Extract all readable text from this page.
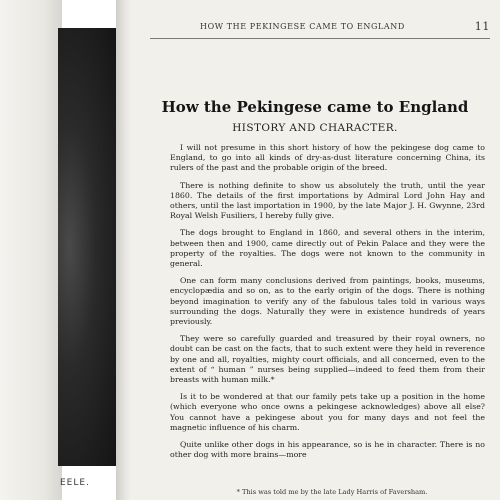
EELE.
HOW THE PEKINGESE CAME TO ENGLAND	11
How the Pekingese came to England
HISTORY AND CHARACTER.

I will not presume in this short history of how the pekingese dog came to England, to go into all kinds of dry-as-dust literature concerning China, its rulers of the past and the probable origin of the breed.

There is nothing definite to show us absolutely the truth, until the year 1860. The details of the first importations by Admiral Lord John Hay and others, until the last importation in 1900, by the late Major J. H. Gwynne, 23rd Royal Welsh Fusiliers, I hereby fully give.

The dogs brought to England in 1860, and several others in the interim, between then and 1900, came directly out of Pekin Palace and they were the property of the royalties. The dogs were not known to the community in general.

One can form many conclusions derived from paintings, books, museums, encyclopædia and so on, as to the early origin of the dogs. There is nothing beyond imagination to verify any of the fabulous tales told in various ways surrounding the dogs. Naturally they were in existence hundreds of years previously.

They were so carefully guarded and treasured by their royal owners, no doubt can be cast on the facts, that to such extent were they held in reverence by one and all, royalties, mighty court officials, and all concerned, even to the extent of “ human ” nurses being supplied—indeed to feed them from their breasts with human milk.*

Is it to be wondered at that our family pets take up a position in the home (which everyone who once owns a pekingese acknowledges) above all else? You cannot have a pekingese about you for many days and not feel the magnetic influence of his charm.

Quite unlike other dogs in his appearance, so is he in character. There is no other dog with more brains—more

* This was told me by the late Lady Harris of Faversham.
